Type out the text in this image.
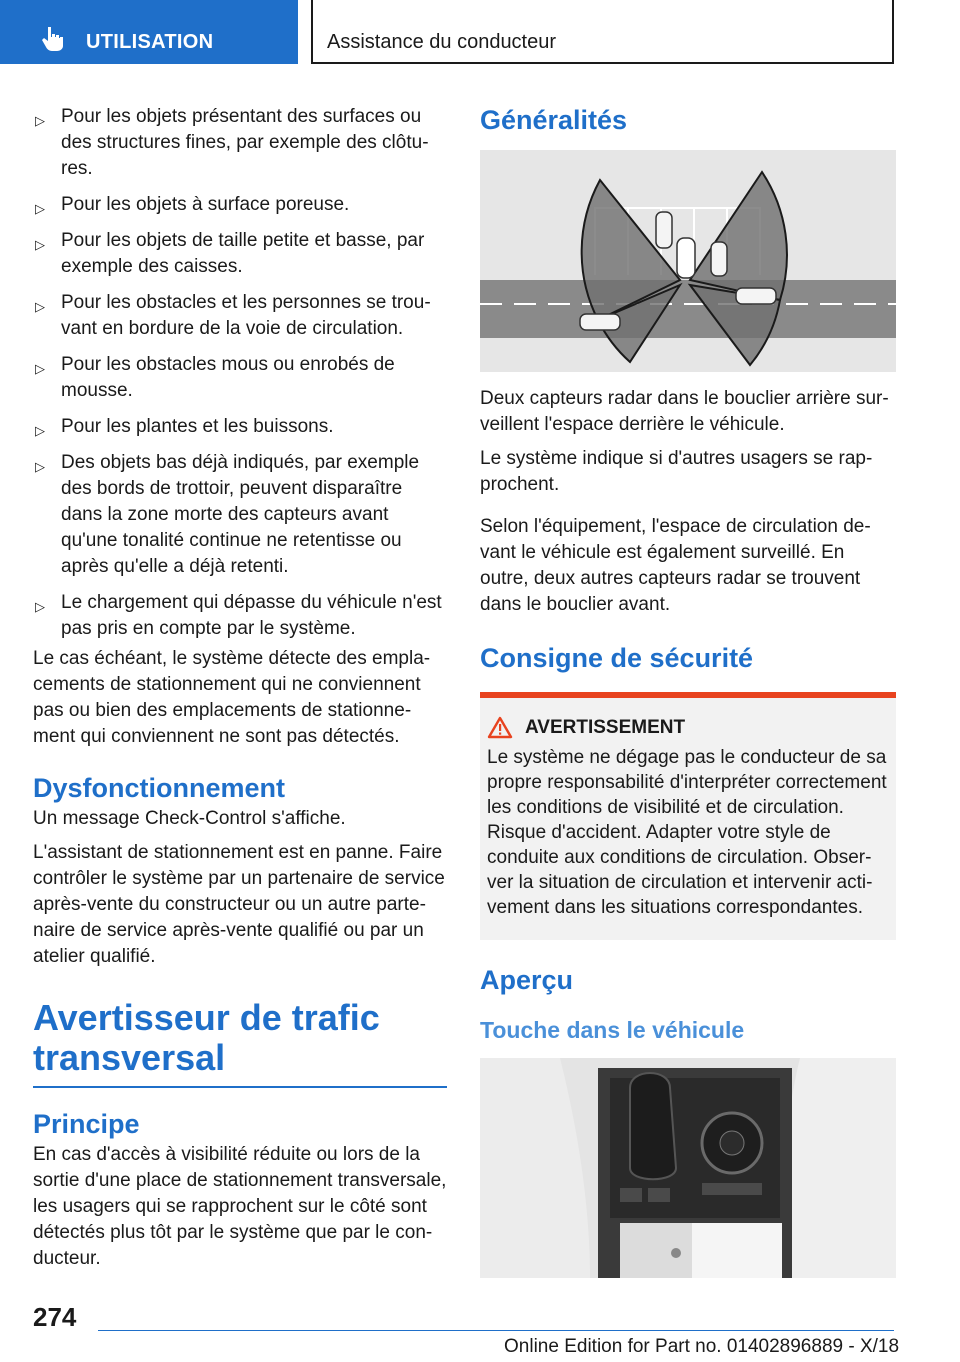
UTILISATION	Assistance du conducteur
▷ Pour les objets présentant des surfaces ou des structures fines, par exemple des clôtures.
▷ Pour les objets à surface poreuse.
▷ Pour les objets de taille petite et basse, par exemple des caisses.
▷ Pour les obstacles et les personnes se trouvant en bordure de la voie de circulation.
▷ Pour les obstacles mous ou enrobés de mousse.
▷ Pour les plantes et les buissons.
▷ Des objets bas déjà indiqués, par exemple des bords de trottoir, peuvent disparaître dans la zone morte des capteurs avant qu'une tonalité continue ne retentisse ou après qu'elle a déjà retenti.
▷ Le chargement qui dépasse du véhicule n'est pas pris en compte par le système.

Le cas échéant, le système détecte des emplacements de stationnement qui ne conviennent pas ou bien des emplacements de stationnement qui conviennent ne sont pas détectés.

Dysfonctionnement

Un message Check-Control s'affiche.

L'assistant de stationnement est en panne. Faire contrôler le système par un partenaire de service après-vente du constructeur ou un autre partenaire de service après-vente qualifié ou par un atelier qualifié.

Avertisseur de trafic transversal
Principe

En cas d'accès à visibilité réduite ou lors de la sortie d'une place de stationnement transversale, les usagers qui se rapprochent sur le côté sont détectés plus tôt par le système que par le conducteur.

Généralités

Deux capteurs radar dans le bouclier arrière surveillent l'espace derrière le véhicule.

Le système indique si d'autres usagers se rapprochent.

Selon l'équipement, l'espace de circulation devant le véhicule est également surveillé. En outre, deux autres capteurs radar se trouvent dans le bouclier avant.

Consigne de sécurité
AVERTISSEMENT

Le système ne dégage pas le conducteur de sa propre responsabilité d'interpréter correctement les conditions de visibilité et de circulation. Risque d'accident. Adapter votre style de conduite aux conditions de circulation. Observer la situation de circulation et intervenir activement dans les situations correspondantes.

Aperçu
Touche dans le véhicule
274
Online Edition for Part no. 01402896889 - X/18
